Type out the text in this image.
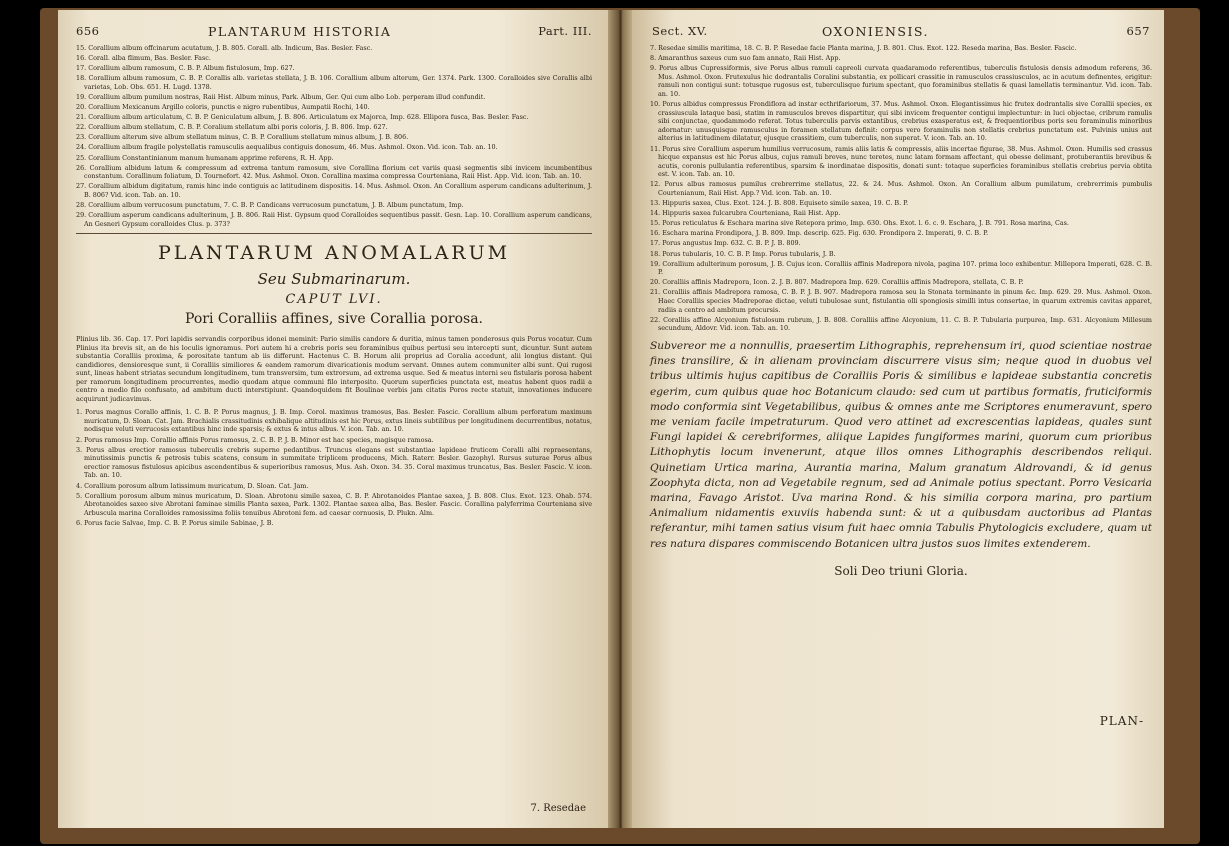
656	PLANTARUM HISTORIA	Part. III.

15. Corallium album offcinarum acutatum, J. B. 805. Corall. alb. Indicum, Bas. Besler. Fasc.

16. Corall. alba flimum, Bas. Besler. Fasc.

17. Corallium album ramosum, C. B. P. Album fistulosum, Imp. 627.

18. Corallium album ramosum, C. B. P. Corallis alb. varietas stellata, J. B. 106. Corallium album alterum, Ger. 1374. Park. 1300. Coralloides sive Corallis albi varietas, Lob. Obs. 651. H. Lugd. 1378.

19. Corallium album pumilum nostras, Raii Hist. Album minus, Park. Album, Ger. Qui cum albo Lob. perperam illud confundit.

20. Corallium Mexicanum Argillo coloris, punctis e nigro rubentibus, Aumpatii Rochi, 140.

21. Corallium album articulatum, C. B. P. Geniculatum album, J. B. 806. Articulatum ex Majorca, Imp. 628. Ellipora fusca, Bas. Besler. Fasc.

22. Corallium album stellatum, C. B. P. Coralium stellatum albi poris coloris, J. B. 806. Imp. 627.

23. Corallium alterum sive album stellatum minus, C. B. P. Corallium stellatum minus album, J. B. 806.

24. Corallium album fragile polystellatis ramusculis aequalibus contiguis donosum, 46. Mus. Ashmol. Oxon. Vid. icon. Tab. an. 10.

25. Corallium Constantinianum manum humanam apprime referens, R. H. App.

26. Corallium albidum latum & compressum ad extrema tantum ramosum, sive Corallina florium cet variis quasi segmentis sibi invicem incumbentibus constantum. Corallinum foliatum, D. Tournefort. 42. Mus. Ashmol. Oxon. Corallina maxima compressa Courteniana, Raii Hist. App. Vid. icon. Tab. an. 10.

27. Corallium albidum digitatum, ramis hinc inde contiguis ac latitudinem dispositis. 14. Mus. Ashmol. Oxon. An Corallium asperum candicans adulterinum, J. B. 806? Vid. icon. Tab. an. 10.

28. Corallium album verrucosum punctatum, 7. C. B. P. Candicans verrucosum punctatum, J. B. Album punctatum, Imp.

29. Corallium asperum candicans adulterinum, J. B. 806. Raii Hist. Gypsum quod Coralloides sequentibus passit. Gesn. Lap. 10. Corallium asperum candicans, An Gesneri Gypsum coralloides Clus. p. 373?

PLANTARUM ANOMALARUM
Seu Submarinarum.
CAPUT LVI.
Pori Coralliis affines, sive Corallia porosa.
Plinius lib. 36. Cap. 17. Pori lapidis servandis corporibus idonei meminit: Pario similis candore & duritia, minus tamen ponderosus quis Porus vocatur. Cum Plinius ita brevis sit, an de his loculis ignoramus. Pori autem hi a crebris poris seu foraminibus quibus pertusi seu intercepti sunt, dicuntur. Sunt autem substantia Coralliis proxima, & porositate tantum ab iis differunt. Hactenus C. B. Horum alii proprius ad Coralia accedunt, alii longius distant. Qui candidiores, densioresque sunt, ii Coralliis similiores & eandem ramorum divaricationis modum servant. Omnes autem communiter albi sunt. Qui rugosi sunt, lineas habent striatas secundum longitudinem, tum transversim, tum extrorsum, ad extrema usque. Sed & meatus interni seu fistularis porosa habent per ramorum longitudinem procurrentes, medio quodam atque communi filo interposito. Quorum superficies punctata est, meatus habent quos radii a centro a medio filo confusato, ad ambitum ducti interstipiunt. Quandoquidem fit Boulinae verbis jam citatis Poros recte statuit, innovationes inducere acquirunt judicavimus.

1. Porus magnus Corallo affinis, 1. C. B. P. Porus magnus, J. B. Imp. Corol. maximus tramosus, Bas. Besler. Fascic. Corallium album perforatum maximum muricatum, D. Sloan. Cat. Jam. Brachialis crassitudinis exhibalique altitudinis est hic Porus, extus lineis subtilibus per longitudinem decurrentibus, notatus, nodisque veluti verrucosis extantibus hinc inde sparsis; & extus & intus albus. V. icon. Tab. an. 10.

2. Porus ramosus Imp. Corallio affinis Porus ramosus, 2. C. B. P. J. B. Minor est hac species, magisque ramosa.

3. Porus albus erectior ramosus tuberculis crebris superne pedantibus. Truncus elegans est substantiae lapideae fruticem Coralli albi repraesentans, minutissimis punctis & petrosis tubis scatens, consum in summitate triplicem producens, Mich. Raterr. Besler. Gazophyl. Rursus suturae Porus albus erectior ramosus fistulosus apicibus ascendentibus & superioribus ramosus, Mus. Ash. Oxon. 34. 35. Coral maximus truncatus, Bas. Besler. Fascic. V. icon. Tab. an. 10.

4. Corallium porosum album latissimum muricatum, D. Sloan. Cat. Jam.

5. Corallium porosum album minus muricatum, D. Sloan. Abrotonu simile saxea, C. B. P. Abrotanoides Plantae saxea, J. B. 808. Clus. Exot. 123. Ohab. 574. Abrotanoides saxeo sive Abrotani faminae similis Planta saxea, Park. 1302. Plantae saxea alba, Bas. Besler. Fascic. Corallina palyferrima Courteniana sive Arbuscula marina Coralloides ramosissima foliis tenuibus Abrotoni fem. ad caesar cornuosis, D. Plukn. Alm.

6. Porus facie Salvae, Imp. C. B. P. Porus simile Sabinae, J. B.

7. Resedae
Sect. XV.	OXONIENSIS.	657

7. Resedae similis maritima, 18. C. B. P. Resedae facie Planta marina, J. B. 801. Clus. Exot. 122. Reseda marina, Bas. Besler. Fascic.

8. Amaranthus saxeus cum suo fam annato, Raii Hist. App.

9. Porus albus Cupressiformis, sive Porus albus ramuli capreoli curvata quadaramodo referentibus, tuberculis fistulosis densis admodum referens, 36. Mus. Ashmol. Oxon. Frutexulus hic dodrantalis Coralini substantia, ex pollicari crassitie in ramusculos crassiusculos, ac in acutum definentes, erigitur: ramuli non contigui sunt: totusque rugosus est, tuberculisque furium spectant, quo foraminibus stellatis & quasi lamellatis terminantur. Vid. icon. Tab. an. 10.

10. Porus albidus compressus Frondiflora ad instar ecthrifariorum, 37. Mus. Ashmol. Oxon. Elegantissimus hic frutex dodrantalis sive Corallii species, ex crassiuscula lataque basi, statim in ramusculos breves dispartitur, qui sibi invicem frequenter contigui implectuntur: in luci objectae, cribrum ramulis sibi conjunctae, quodammodo referat. Totus tuberculis parvis extantibus, crebrius exasperatus est, & frequentioribus poris seu foraminulis minoribus adornatur: unusquisque ramusculus in foramen stellatum definit: corpus vero foraminulis non stellatis crebrius punctatum est. Pulvinis unius aut alterius in latitudinem dilatatur, ejusque crassitiem, cum tuberculis, non superat. V. icon. Tab. an. 10.

11. Porus sive Corallium asperum humilius verrucosum, ramis aliis latis & compressis, aliis incertae figurae, 38. Mus. Ashmol. Oxon. Humilis sed crassus hicque expansus est hic Porus albus, cujus ramuli breves, nunc teretes, nunc latam formam affectant, qui obesse delimant, protuberantiis brevibus & acutis, coronis pullulantia referentibus, sparsim & inordinatae dispositis, donati sunt: totaque superficies foraminibus stellatis crebrius pervia obtita est. V. icon. Tab. an. 10.

12. Porus albus ramosus pumilus crebrerrime stellatus, 22. & 24. Mus. Ashmol. Oxon. An Corallium album pumilatum, crebrerrimis pumbulis Courtenianum, Raii Hist. App.? Vid. icon. Tab. an. 10.

13. Hippuris saxea, Clus. Exot. 124. J. B. 808. Equiseto simile saxea, 19. C. B. P.

14. Hippuris saxea fulcarubra Courteniana, Raii Hist. App.

15. Porus reticulatus & Eschara marina sive Retepora primo, Imp. 630. Ohs. Exot. l. 6. c. 9. Eschara, J. B. 791. Rosa marina, Cas.

16. Eschara marina Frondipora, J. B. 809. Imp. descrip. 625. Fig. 630. Frondipora 2. Imperati, 9. C. B. P.

17. Porus angustus Imp. 632. C. B. P. J. B. 809.

18. Porus tubularis, 10. C. B. P. Imp. Porus tubularis, J. B.

19. Corallium adulterinum porosum, J. B. Cujus icon. Coralliis affinis Madrepora nivola, pagina 107. prima loco exhibentur. Millepora Imperati, 628. C. B. P.

20. Coralliis affinis Madrepora, Icon. 2. J. B. 807. Madrepora Imp. 629. Coralliis affinis Madrepora, stellata, C. B. P.

21. Coralliis affinis Madrepora ramosa, C. B. P. J. B. 907. Madrepora ramosa seu la Stonata terminante in pinum &c. Imp. 629. 29. Mus. Ashmol. Oxon. Haec Coralliis species Madreporae dictae, veluti tubulosae sunt, fistulantia olli spongiosis similli intus consertae, in quarum extremis cavitas apparet, radiis a centro ad ambitum procursis.

22. Coralliis affine Alcyonium fistulosum rubrum, J. B. 808. Coralliis affine Alcyonium, 11. C. B. P. Tubularia purpurea, Imp. 631. Alcyonium Millesum secundum, Aldovr. Vid. icon. Tab. an. 10.

Subvereor me a nonnullis, praesertim Lithographis, reprehensum iri, quod scientiae nostrae fines transilire, & in alienam provinciam discurrere visus sim; neque quod in duobus vel tribus ultimis hujus capitibus de Coralliis Poris & similibus e lapideae substantia concretis egerim, cum quibus quae hoc Botanicum claudo: sed cum ut partibus formatis, fruticiformis modo conformia sint Vegetabilibus, quibus & omnes ante me Scriptores enumeravunt, spero me veniam facile impetraturum. Quod vero attinet ad excrescentias lapideas, quales sunt Fungi lapidei & cerebriformes, aliique Lapides fungiformes marini, quorum cum prioribus Lithophytis locum invenerunt, atque illos omnes Lithographis describendos reliqui. Quinetiam Urtica marina, Aurantia marina, Malum granatum Aldrovandi, & id genus Zoophyta dicta, non ad Vegetabile regnum, sed ad Animale potius spectant. Porro Vesicaria marina, Favago Aristot. Uva marina Rond. & his similia corpora marina, pro partium Animalium nidamentis exuviis habenda sunt: & ut a quibusdam auctoribus ad Plantas referantur, mihi tamen satius visum fuit haec omnia Tabulis Phytologicis excludere, quam ut res natura dispares commiscendo Botanicen ultra justos suos limites extenderem.
Soli Deo triuni Gloria.
PLAN-
